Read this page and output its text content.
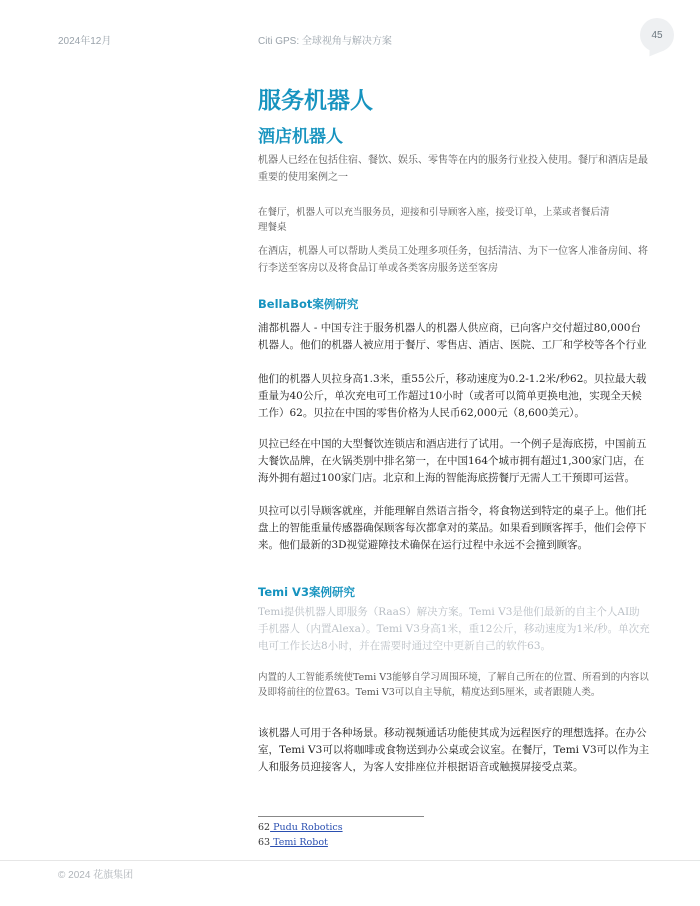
2024年12月	Citi GPS: 全球视角与解决方案
45
服务机器人
酒店机器人

机器人已经在包括住宿、餐饮、娱乐、零售等在内的服务行业投入使用。餐厅和酒店是最重要的使用案例之一

在餐厅，机器人可以充当服务员，迎接和引导顾客入座，接受订单，上菜或者餐后清理餐桌

在酒店，机器人可以帮助人类员工处理多项任务，包括清洁、为下一位客人准备房间、将行李送至客房以及将食品订单或各类客房服务送至客房

BellaBot案例研究

浦都机器人 - 中国专注于服务机器人的机器人供应商，已向客户交付超过80,000台机器人。他们的机器人被应用于餐厅、零售店、酒店、医院、工厂和学校等各个行业

他们的机器人贝拉身高1.3米，重55公斤，移动速度为0.2-1.2米/秒62。贝拉最大载重量为40公斤，单次充电可工作超过10小时（或者可以简单更换电池，实现全天候工作）62。贝拉在中国的零售价格为人民币62,000元（8,600美元）。

贝拉已经在中国的大型餐饮连锁店和酒店进行了试用。一个例子是海底捞，中国前五大餐饮品牌，在火锅类别中排名第一，在中国164个城市拥有超过1,300家门店，在海外拥有超过100家门店。北京和上海的智能海底捞餐厅无需人工干预即可运营。

贝拉可以引导顾客就座，并能理解自然语言指令，将食物送到特定的桌子上。他们托盘上的智能重量传感器确保顾客每次都拿对的菜品。如果看到顾客挥手，他们会停下来。他们最新的3D视觉避障技术确保在运行过程中永远不会撞到顾客。

Temi V3案例研究

Temi提供机器人即服务（RaaS）解决方案。Temi V3是他们最新的自主个人AI助手机器人（内置Alexa）。Temi V3身高1米，重12公斤，移动速度为1米/秒。单次充电可工作长达8小时，并在需要时通过空中更新自己的软件63。

内置的人工智能系统使Temi V3能够自学习周围环境，了解自己所在的位置、所看到的内容以及即将前往的位置63。Temi V3可以自主导航，精度达到5厘米，或者跟随人类。

该机器人可用于各种场景。移动视频通话功能使其成为远程医疗的理想选择。在办公室，Temi V3可以将咖啡或食物送到办公桌或会议室。在餐厅，Temi V3可以作为主人和服务员迎接客人，为客人安排座位并根据语音或触摸屏接受点菜。

62 Pudu Robotics
63 Temi Robot
© 2024 花旗集团
